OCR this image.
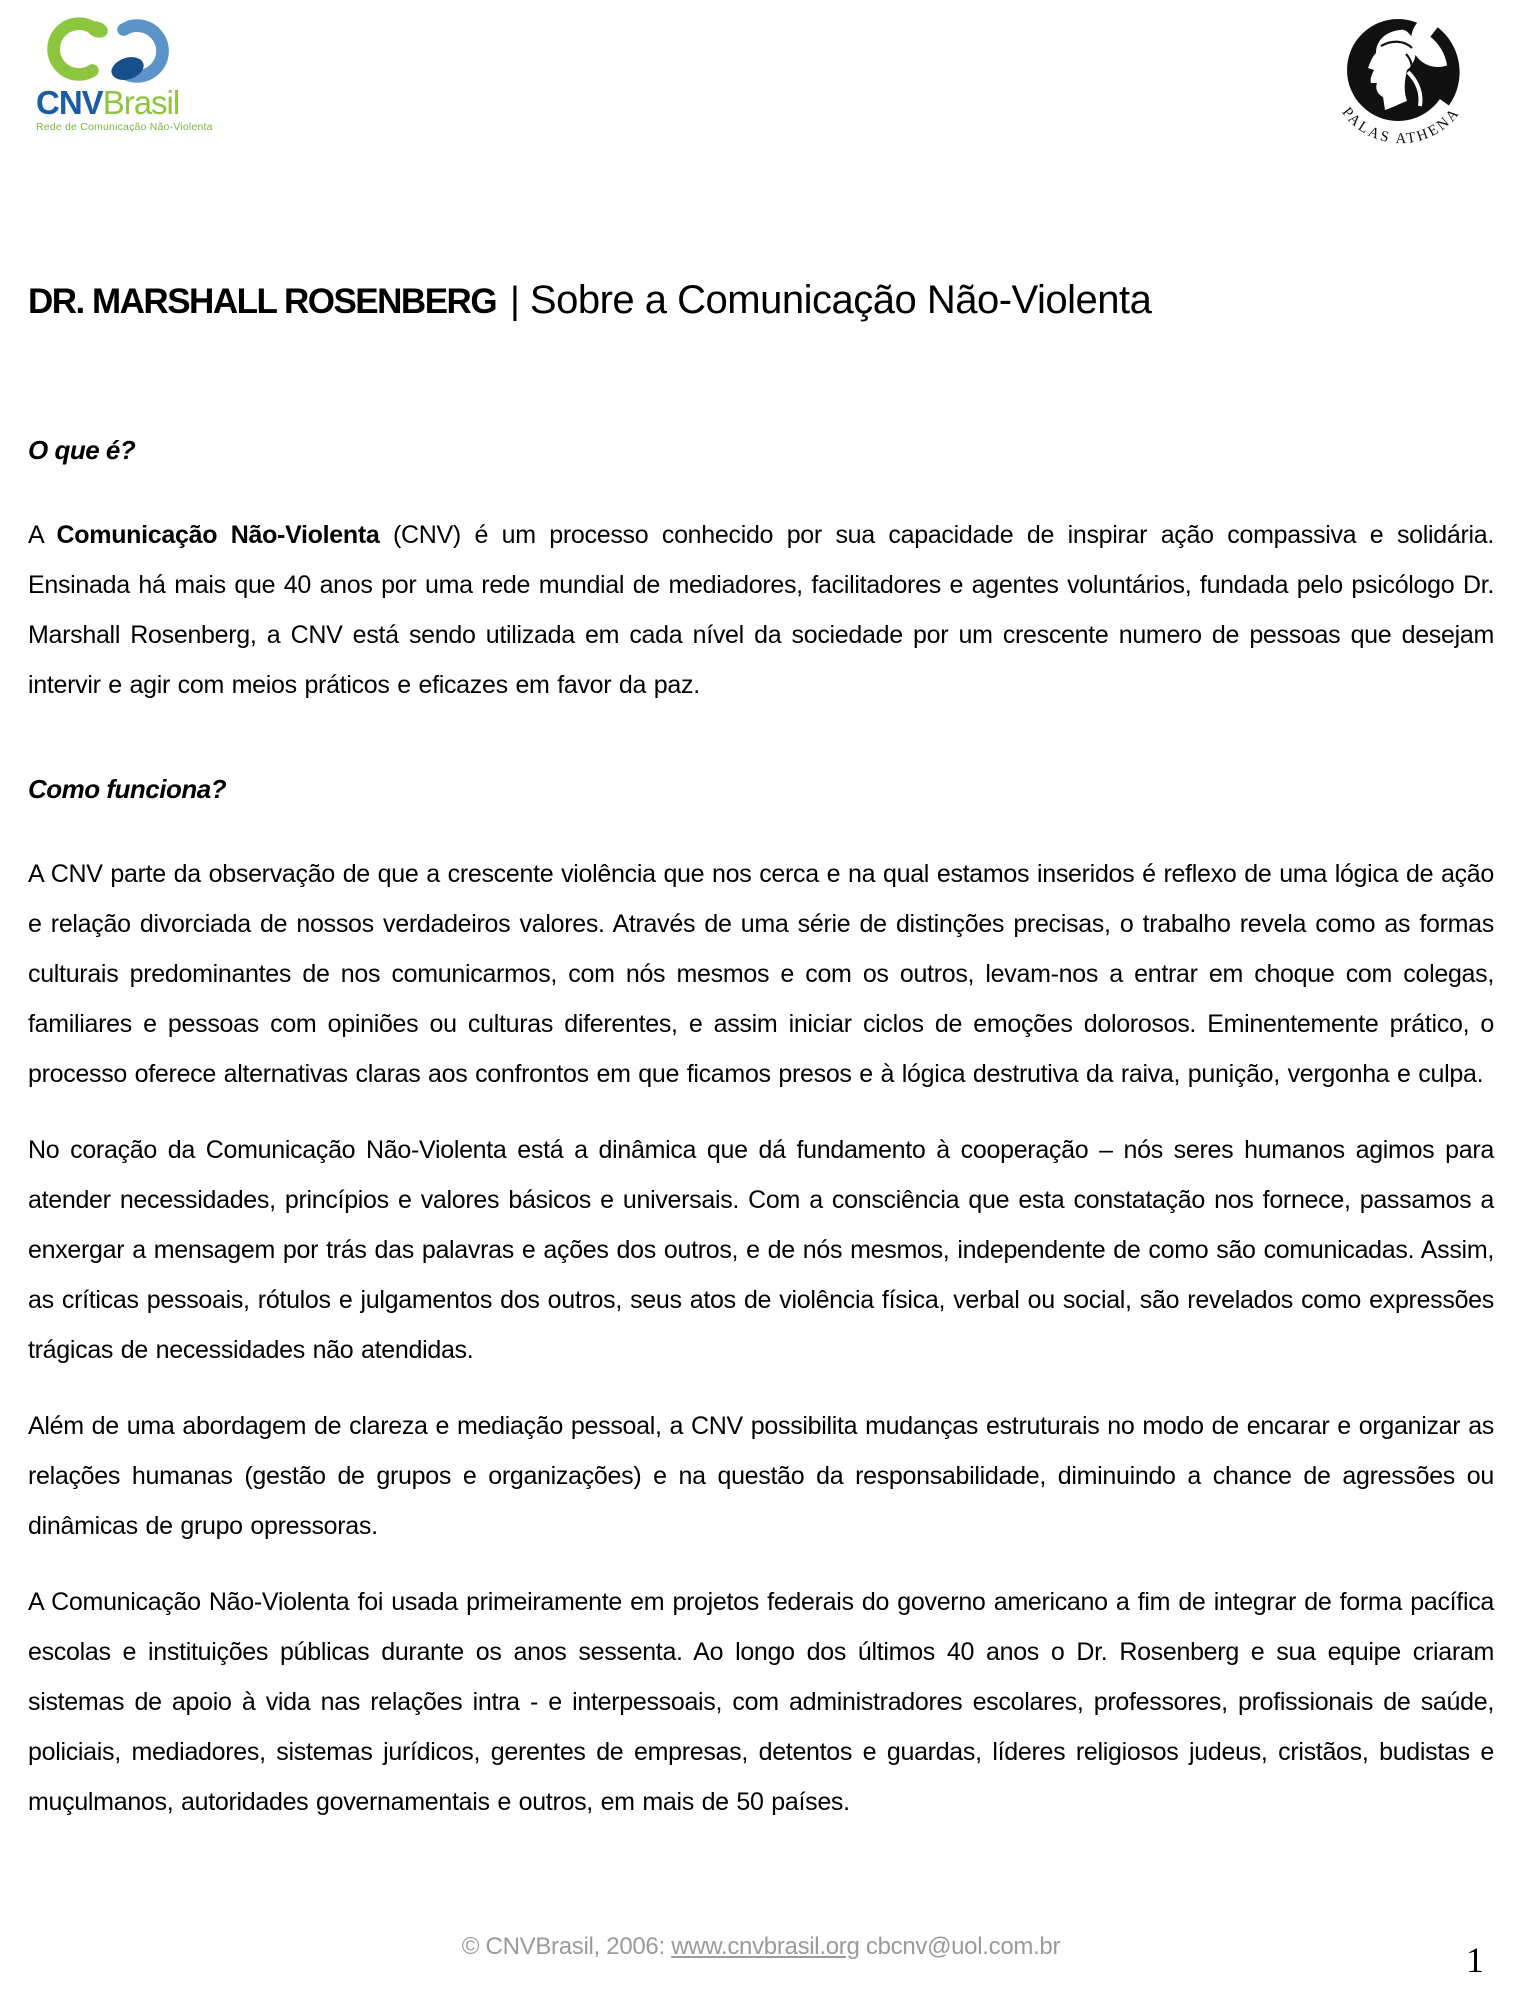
CNVBrasil
Rede de Comunicação Não-Violenta
PALAS ATHENA
DR. MARSHALL ROSENBERG | Sobre a Comunicação Não-Violenta
O que é?

A Comunicação Não-Violenta (CNV) é um processo conhecido por sua capacidade de inspirar ação compassiva e solidária. Ensinada há mais que 40 anos por uma rede mundial de mediadores, facilitadores e agentes voluntários, fundada pelo psicólogo Dr. Marshall Rosenberg, a CNV está sendo utilizada em cada nível da sociedade por um crescente numero de pessoas que desejam intervir e agir com meios práticos e eficazes em favor da paz.

Como funciona?

A CNV parte da observação de que a crescente violência que nos cerca e na qual estamos inseridos é reflexo de uma lógica de ação e relação divorciada de nossos verdadeiros valores. Através de uma série de distinções precisas, o trabalho revela como as formas culturais predominantes de nos comunicarmos, com nós mesmos e com os outros, levam-nos a entrar em choque com colegas, familiares e pessoas com opiniões ou culturas diferentes, e assim iniciar ciclos de emoções dolorosos. Eminentemente prático, o processo oferece alternativas claras aos confrontos em que ficamos presos e à lógica destrutiva da raiva, punição, vergonha e culpa.

No coração da Comunicação Não-Violenta está a dinâmica que dá fundamento à cooperação – nós seres humanos agimos para atender necessidades, princípios e valores básicos e universais. Com a consciência que esta constatação nos fornece, passamos a enxergar a mensagem por trás das palavras e ações dos outros, e de nós mesmos, independente de como são comunicadas. Assim, as críticas pessoais, rótulos e julgamentos dos outros, seus atos de violência física, verbal ou social, são revelados como expressões trágicas de necessidades não atendidas.

Além de uma abordagem de clareza e mediação pessoal, a CNV possibilita mudanças estruturais no modo de encarar e organizar as relações humanas (gestão de grupos e organizações) e na questão da responsabilidade, diminuindo a chance de agressões ou dinâmicas de grupo opressoras.

A Comunicação Não-Violenta foi usada primeiramente em projetos federais do governo americano a fim de integrar de forma pacífica escolas e instituições públicas durante os anos sessenta. Ao longo dos últimos 40 anos o Dr. Rosenberg e sua equipe criaram sistemas de apoio à vida nas relações intra - e interpessoais, com administradores escolares, professores, profissionais de saúde, policiais, mediadores, sistemas jurídicos, gerentes de empresas, detentos e guardas, líderes religiosos judeus, cristãos, budistas e muçulmanos, autoridades governamentais e outros, em mais de 50 países.

© CNVBrasil, 2006: www.cnvbrasil.org cbcnv@uol.com.br	1
